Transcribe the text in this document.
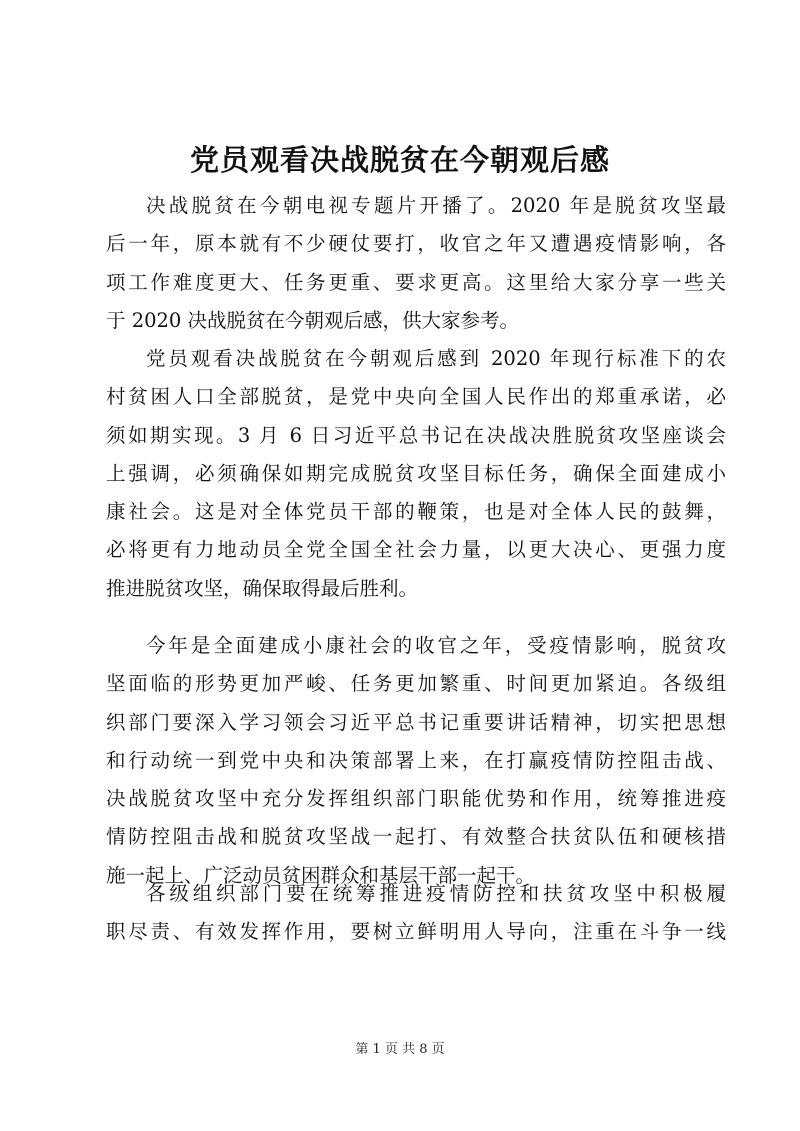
党员观看决战脱贫在今朝观后感
决战脱贫在今朝电视专题片开播了。2020 年是脱贫攻坚最
后一年，原本就有不少硬仗要打，收官之年又遭遇疫情影响，各
项工作难度更大、任务更重、要求更高。这里给大家分享一些关
于 2020 决战脱贫在今朝观后感，供大家参考。
党员观看决战脱贫在今朝观后感到 2020 年现行标准下的农
村贫困人口全部脱贫，是党中央向全国人民作出的郑重承诺，必
须如期实现。3 月 6 日习近平总书记在决战决胜脱贫攻坚座谈会
上强调，必须确保如期完成脱贫攻坚目标任务，确保全面建成小
康社会。这是对全体党员干部的鞭策，也是对全体人民的鼓舞，
必将更有力地动员全党全国全社会力量，以更大决心、更强力度
推进脱贫攻坚，确保取得最后胜利。
今年是全面建成小康社会的收官之年，受疫情影响，脱贫攻
坚面临的形势更加严峻、任务更加繁重、时间更加紧迫。各级组
织部门要深入学习领会习近平总书记重要讲话精神，切实把思想
和行动统一到党中央和决策部署上来，在打赢疫情防控阻击战、
决战脱贫攻坚中充分发挥组织部门职能优势和作用，统筹推进疫
情防控阻击战和脱贫攻坚战一起打、有效整合扶贫队伍和硬核措
施一起上、广泛动员贫困群众和基层干部一起干。
各级组织部门要在统筹推进疫情防控和扶贫攻坚中积极履
职尽责、有效发挥作用，要树立鲜明用人导向，注重在斗争一线
第 1 页 共 8 页
